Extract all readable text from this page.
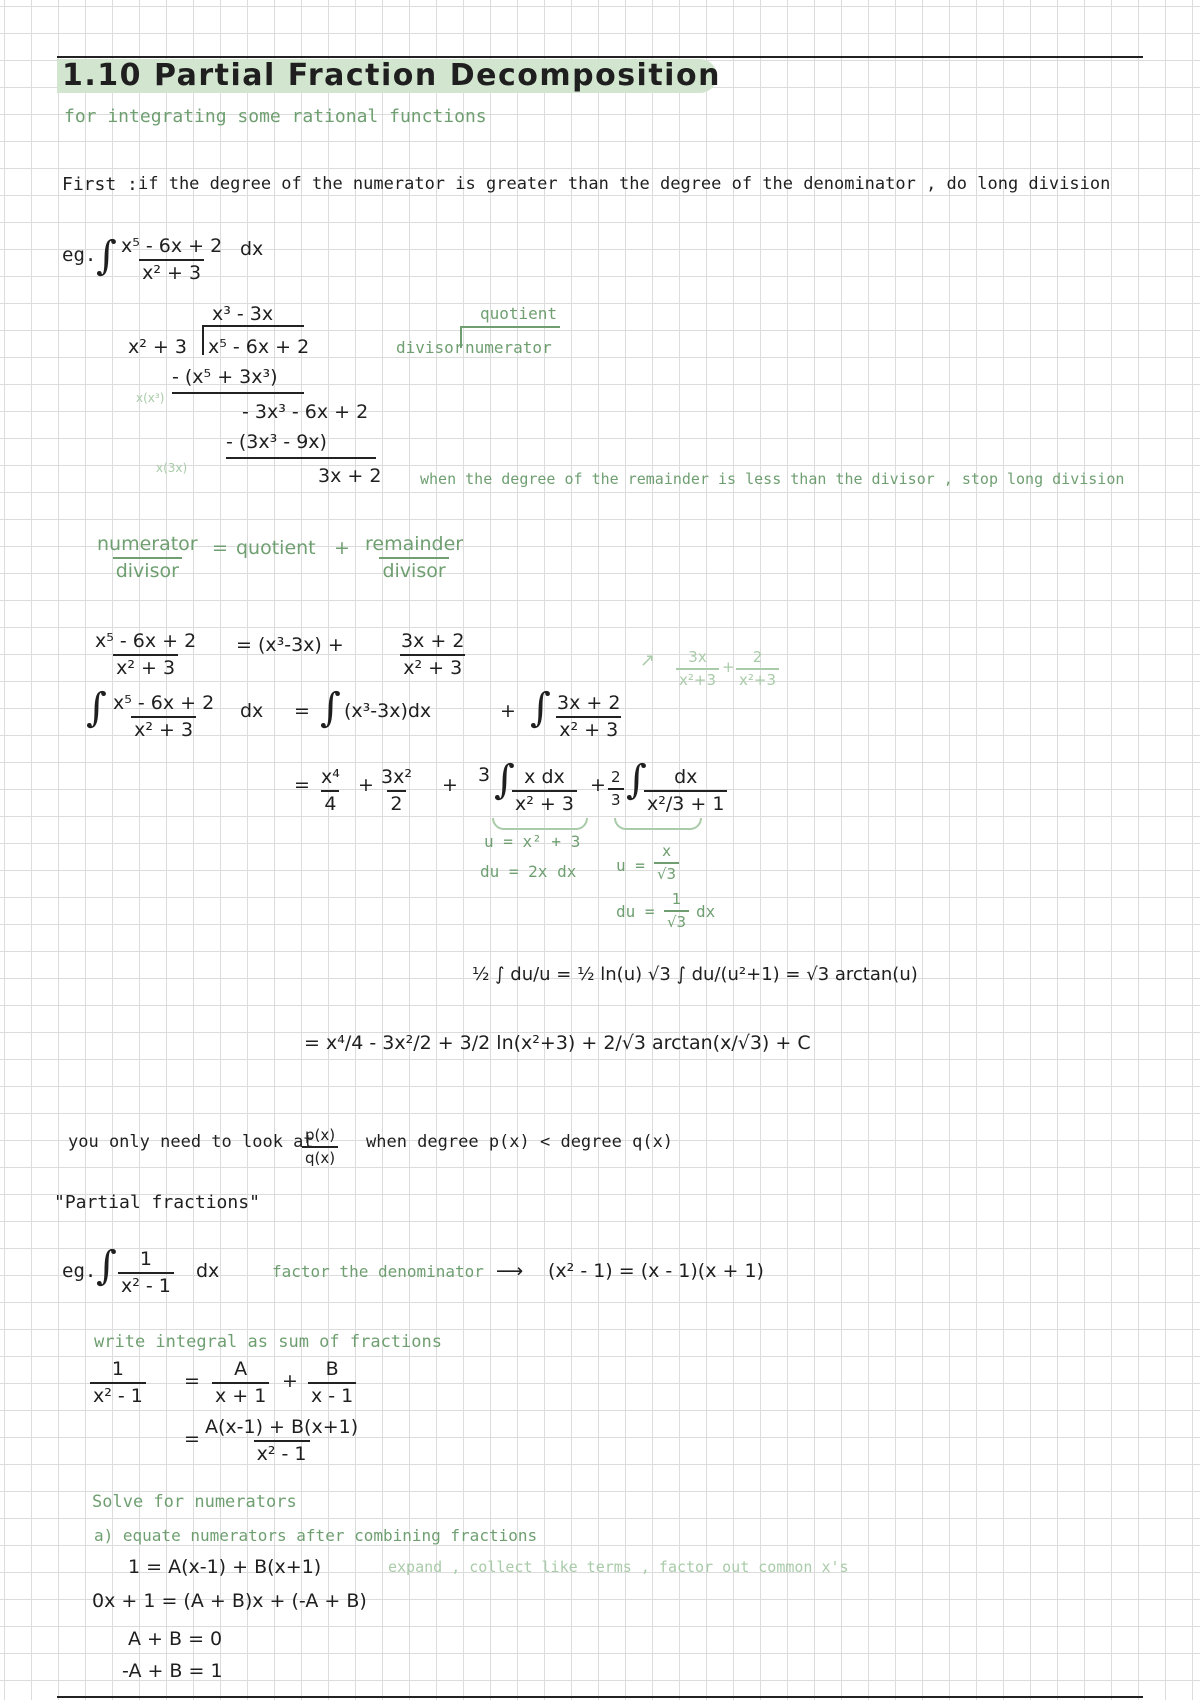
1.10 Partial Fraction Decomposition
for integrating some rational functions
First : if the degree of the numerator is greater than the degree of the denominator , do long division
eg. ∫ $\frac{\text{x⁵ - 6x + 2}}{\text{x² + 3}}$ dx
x³ - 3x
x² + 3 x⁵ - 6x + 2
- (x⁵ + 3x³)
- 3x³ - 6x + 2
- (3x³ - 9x)
3x + 2
x(x³)
x(3x)
quotient
divisor numerator
when the degree of the remainder is less than the divisor , stop long division
numerator
divisor
= quotient + remainder
divisor
$\frac{\text{x⁵ - 6x + 2}}{\text{x² + 3}} = (x^3-3x)$ +	$\frac{3x + 2}{\text{x² + 3}}$	↗ $\frac{3x}{\text{x²+3}} + \frac{2}{\text{x²+3}}$
∫ $\frac{\text{x⁵ - 6x + 2}}{\text{x² + 3}}$ dx = ∫ (x³-3x)dx	+ ∫ $\frac{3x + 2}{\text{x² + 3}}$
= $\frac{\text{x⁴}}{4} + \frac{\text{3x²}}{2} + 3$ ∫
$\frac{\text{x dx}}{\text{x² + 3}} + \frac{2}{3}$ ∫
$\frac{dx}{\text{x²/3 + 1}}$
u = x² + 3
du = 2x dx $u = \frac{x}{√3}$
du = $\frac{1}{√3}$ dx
½ ∫ du/u = ½ ln(u) √3 ∫ du/(u²+1) = √3 arctan(u)
= x⁴/4 - 3x²/2 + 3/2 ln(x²+3) + 2/√3 arctan(x/√3) + C
you only need to look at
$\frac{p(x)}{q(x)}$ when degree p(x) < degree q(x)
"Partial fractions"
eg. ∫ $\frac{1}{\text{x² - 1}}$ dx	factor the denominator ⟶ (x² - 1) = (x - 1)(x + 1)
write integral as sum of fractions
$\frac{1}{\text{x² - 1}} = \frac{A}{x + 1} + \frac{B}{x - 1}$
= $\frac{A(x-1) + B(x+1)}{\text{x² - 1}}$
Solve for numerators
a) equate numerators after combining fractions
1 = A(x-1) + B(x+1)	expand , collect like terms , factor out common x's
0x + 1 = (A + B)x + (-A + B)
A + B = 0
-A + B = 1
